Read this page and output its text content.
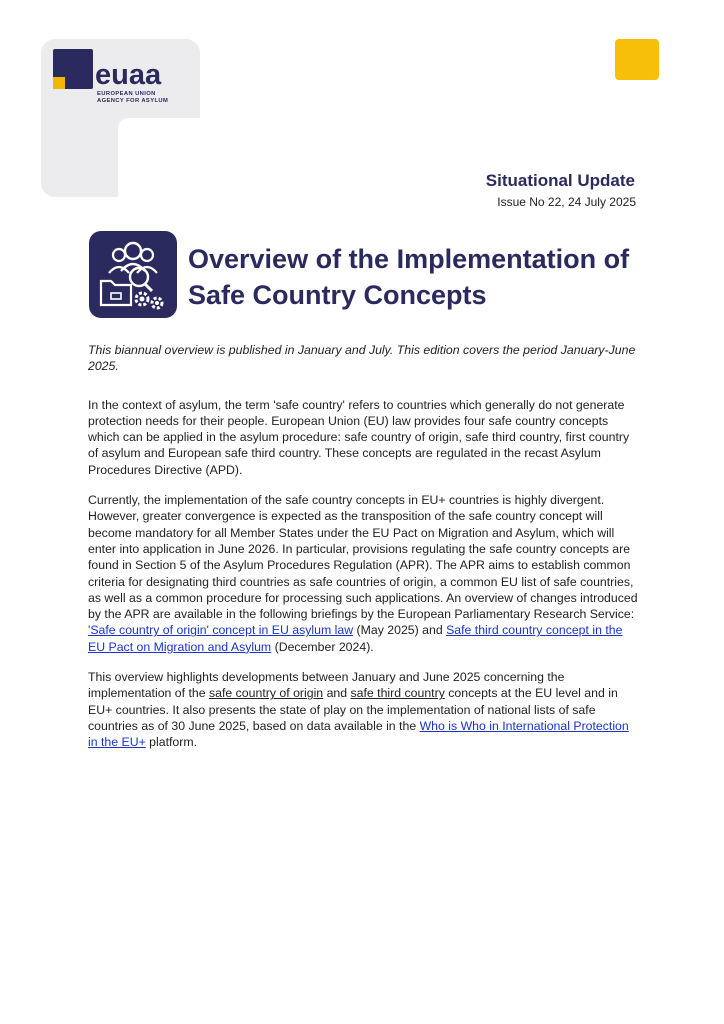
euaa
EUROPEAN UNION
AGENCY FOR ASYLUM
Situational Update
Issue No 22, 24 July 2025
Overview of the Implementation of Safe Country Concepts

This biannual overview is published in January and July. This edition covers the period January-June 2025.

In the context of asylum, the term 'safe country' refers to countries which generally do not generate protection needs for their people. European Union (EU) law provides four safe country concepts which can be applied in the asylum procedure: safe country of origin, safe third country, first country of asylum and European safe third country. These concepts are regulated in the recast Asylum Procedures Directive (APD).

Currently, the implementation of the safe country concepts in EU+ countries is highly divergent. However, greater convergence is expected as the transposition of the safe country concept will become mandatory for all Member States under the EU Pact on Migration and Asylum, which will enter into application in June 2026. In particular, provisions regulating the safe country concepts are found in Section 5 of the Asylum Procedures Regulation (APR). The APR aims to establish common criteria for designating third countries as safe countries of origin, a common EU list of safe countries, as well as a common procedure for processing such applications. An overview of changes introduced by the APR are available in the following briefings by the European Parliamentary Research Service: 'Safe country of origin' concept in EU asylum law (May 2025) and Safe third country concept in the EU Pact on Migration and Asylum (December 2024).

This overview highlights developments between January and June 2025 concerning the implementation of the safe country of origin and safe third country concepts at the EU level and in EU+ countries. It also presents the state of play on the implementation of national lists of safe countries as of 30 June 2025, based on data available in the Who is Who in International Protection in the EU+ platform.
